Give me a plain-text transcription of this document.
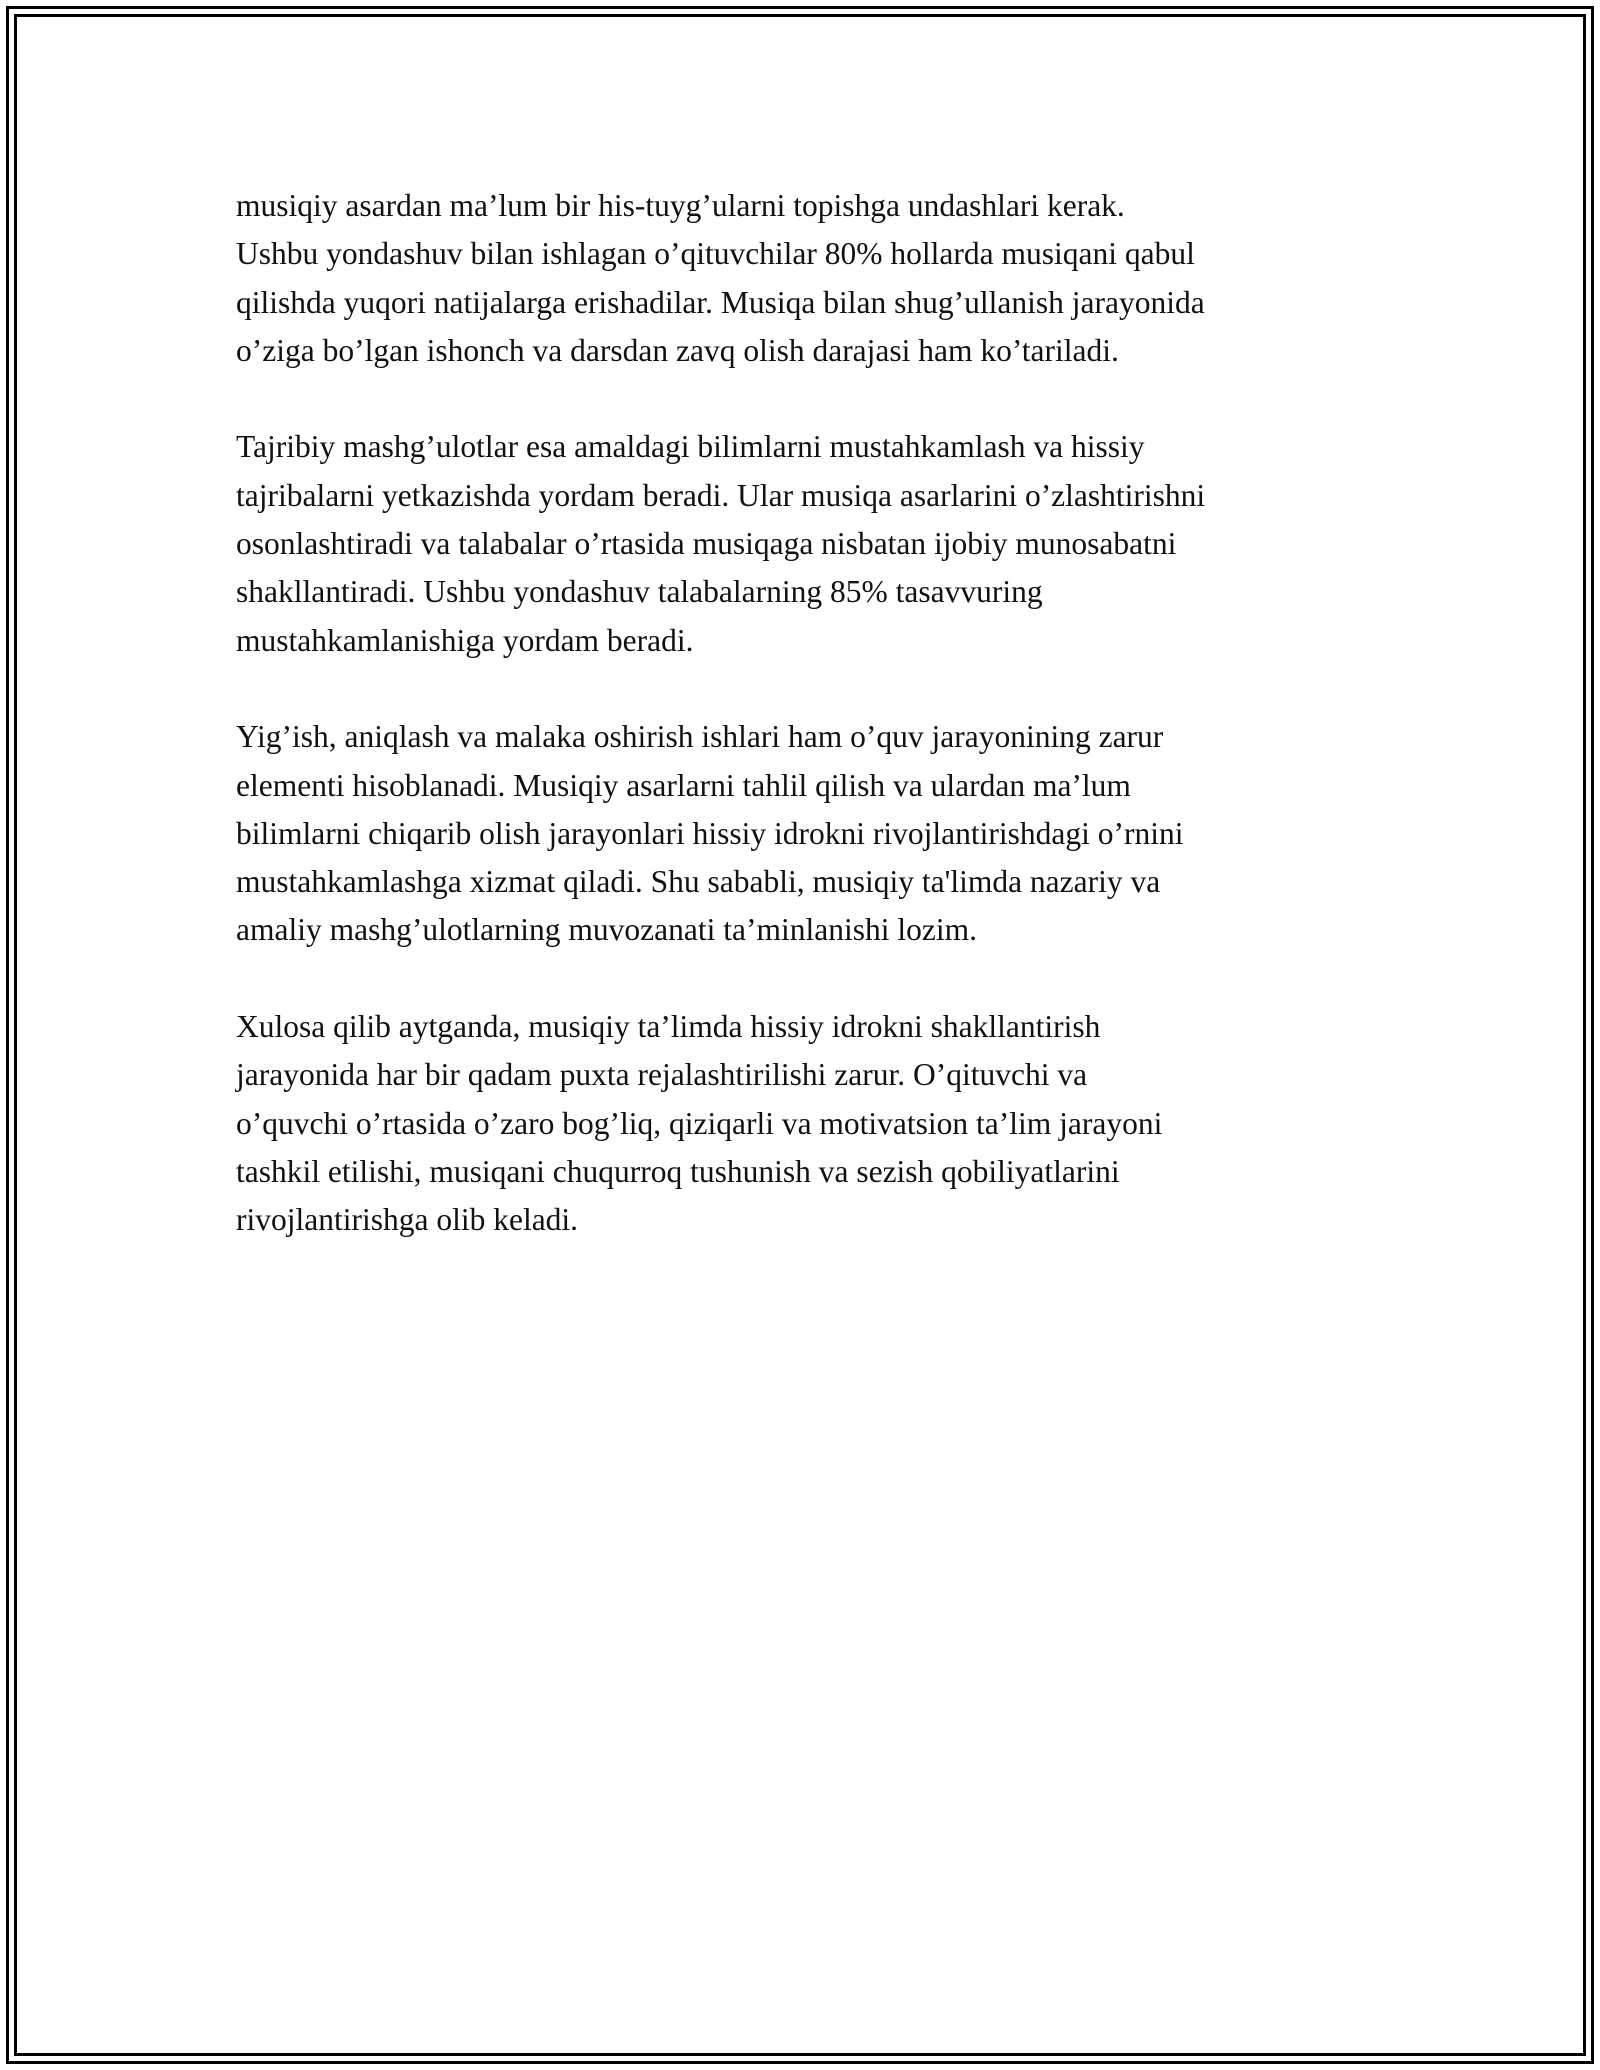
musiqiy asardan ma’lum bir his-tuyg’ularni topishga undashlari kerak.
Ushbu yondashuv bilan ishlagan o’qituvchilar 80% hollarda musiqani qabul
qilishda yuqori natijalarga erishadilar. Musiqa bilan shug’ullanish jarayonida
o’ziga bo’lgan ishonch va darsdan zavq olish darajasi ham ko’tariladi.

Tajribiy mashg’ulotlar esa amaldagi bilimlarni mustahkamlash va hissiy
tajribalarni yetkazishda yordam beradi. Ular musiqa asarlarini o’zlashtirishni
osonlashtiradi va talabalar o’rtasida musiqaga nisbatan ijobiy munosabatni
shakllantiradi. Ushbu yondashuv talabalarning 85% tasavvuring
mustahkamlanishiga yordam beradi.

Yig’ish, aniqlash va malaka oshirish ishlari ham o’quv jarayonining zarur
elementi hisoblanadi. Musiqiy asarlarni tahlil qilish va ulardan ma’lum
bilimlarni chiqarib olish jarayonlari hissiy idrokni rivojlantirishdagi o’rnini
mustahkamlashga xizmat qiladi. Shu sababli, musiqiy ta'limda nazariy va
amaliy mashg’ulotlarning muvozanati ta’minlanishi lozim.

Xulosa qilib aytganda, musiqiy ta’limda hissiy idrokni shakllantirish
jarayonida har bir qadam puxta rejalashtirilishi zarur. O’qituvchi va
o’quvchi o’rtasida o’zaro bog’liq, qiziqarli va motivatsion ta’lim jarayoni
tashkil etilishi, musiqani chuqurroq tushunish va sezish qobiliyatlarini
rivojlantirishga olib keladi.
